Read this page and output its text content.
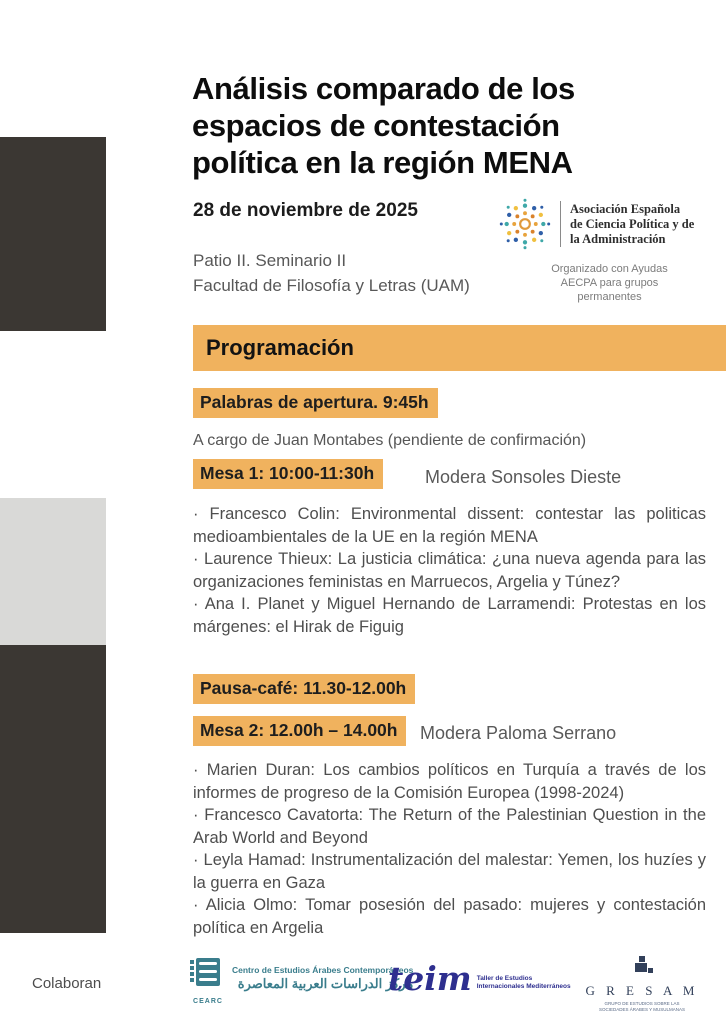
Análisis comparado de los
espacios de contestación
política en la región MENA
28 de noviembre de 2025
Patio II. Seminario II
Facultad de Filosofía y Letras (UAM)
Asociación Española
de Ciencia Política y de
la Administración
Organizado con Ayudas
AECPA para grupos
permanentes
Programación
Palabras de apertura. 9:45h
A cargo de Juan Montabes (pendiente de confirmación)
Mesa 1: 10:00-11:30h	Modera Sonsoles Dieste

· Francesco Colin: Environmental dissent: contestar las politicas medioambientales de la UE en la región MENA

· Laurence Thieux: La justicia climática: ¿una nueva agenda para las organizaciones feministas en Marruecos, Argelia y Túnez?

· Ana I. Planet y Miguel Hernando de Larramendi: Protestas en los márgenes: el Hirak de Figuig

Pausa-café: 11.30-12.00h
Mesa 2: 12.00h – 14.00h	Modera Paloma Serrano

· Marien Duran: Los cambios políticos en Turquía a través de los informes de progreso de la Comisión Europea (1998-2024)

· Francesco Cavatorta: The Return of the Palestinian Question in the Arab World and Beyond

· Leyla Hamad: Instrumentalización del malestar: Yemen, los huzíes y la guerra en Gaza

· Alicia Olmo: Tomar posesión del pasado: mujeres y contestación política en Argelia

Colaboran
CEARC
Centro de Estudios Árabes Contemporáneos
مركز الدراسات العربية المعاصرة
teim Taller de Estudios
Internacionales Mediterráneos	G R E S A M
GRUPO DE ESTUDIOS SOBRE LAS
SOCIEDADES ÁRABES Y MUSULMANAS
